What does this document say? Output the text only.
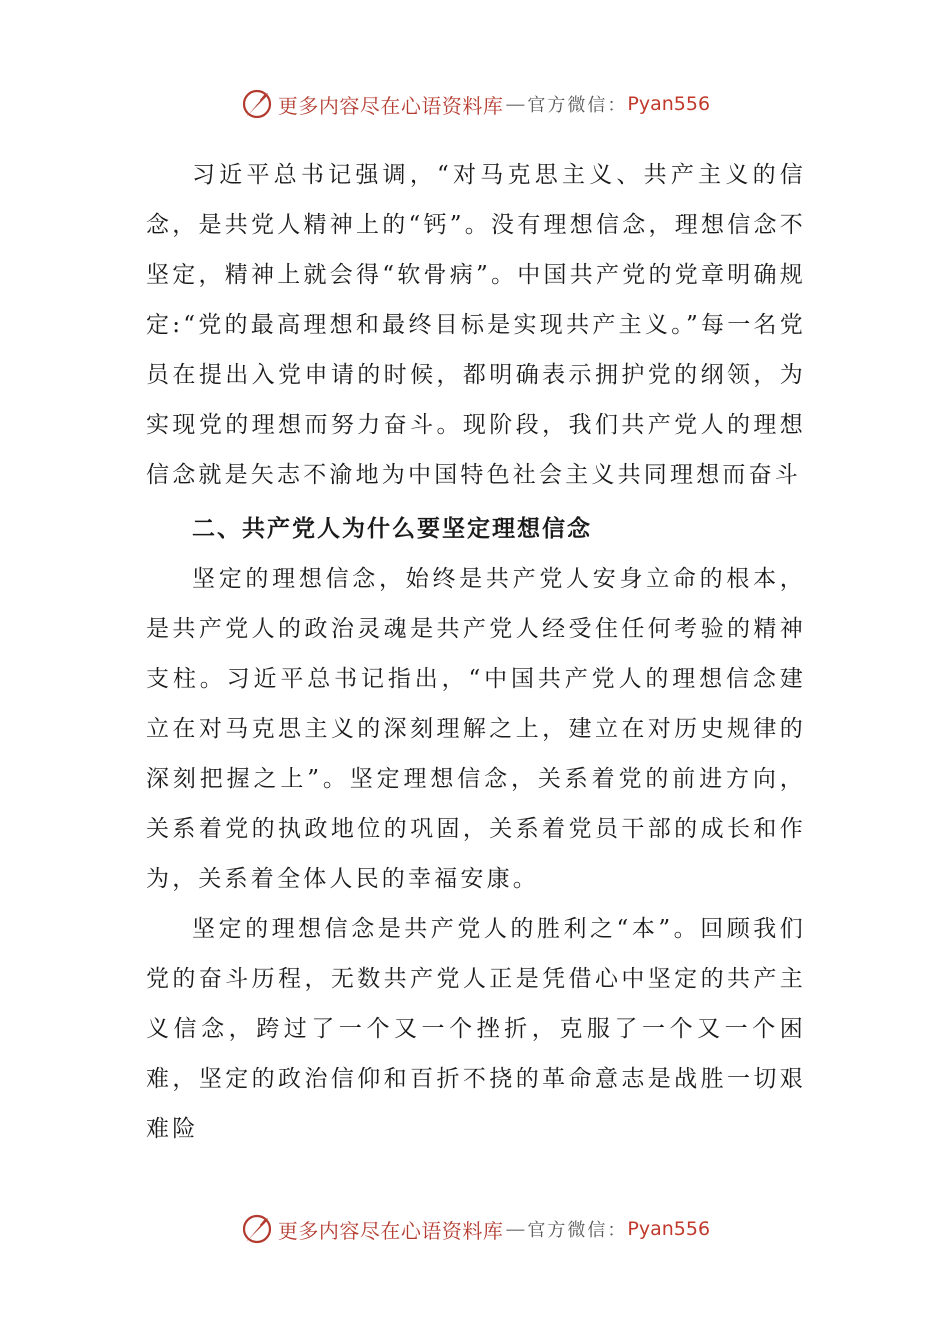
更多内容尽在心语资料库 — 官方微信： Pyan556

习近平总书记强调，“对马克思主义、共产主义的信念，是共党人精神上的“钙”。没有理想信念，理想信念不坚定，精神上就会得“软骨病”。中国共产党的党章明确规定:“党的最高理想和最终目标是实现共产主义。”每一名党员在提出入党申请的时候，都明确表示拥护党的纲领，为实现党的理想而努力奋斗。现阶段，我们共产党人的理想信念就是矢志不渝地为中国特色社会主义共同理想而奋斗

二、共产党人为什么要坚定理想信念

坚定的理想信念，始终是共产党人安身立命的根本，是共产党人的政治灵魂是共产党人经受住任何考验的精神支柱。习近平总书记指出，“中国共产党人的理想信念建立在对马克思主义的深刻理解之上，建立在对历史规律的深刻把握之上”。坚定理想信念，关系着党的前进方向，关系着党的执政地位的巩固，关系着党员干部的成长和作为，关系着全体人民的幸福安康。

坚定的理想信念是共产党人的胜利之“本”。回顾我们党的奋斗历程，无数共产党人正是凭借心中坚定的共产主义信念，跨过了一个又一个挫折，克服了一个又一个困难，坚定的政治信仰和百折不挠的革命意志是战胜一切艰难险

更多内容尽在心语资料库 — 官方微信： Pyan556
